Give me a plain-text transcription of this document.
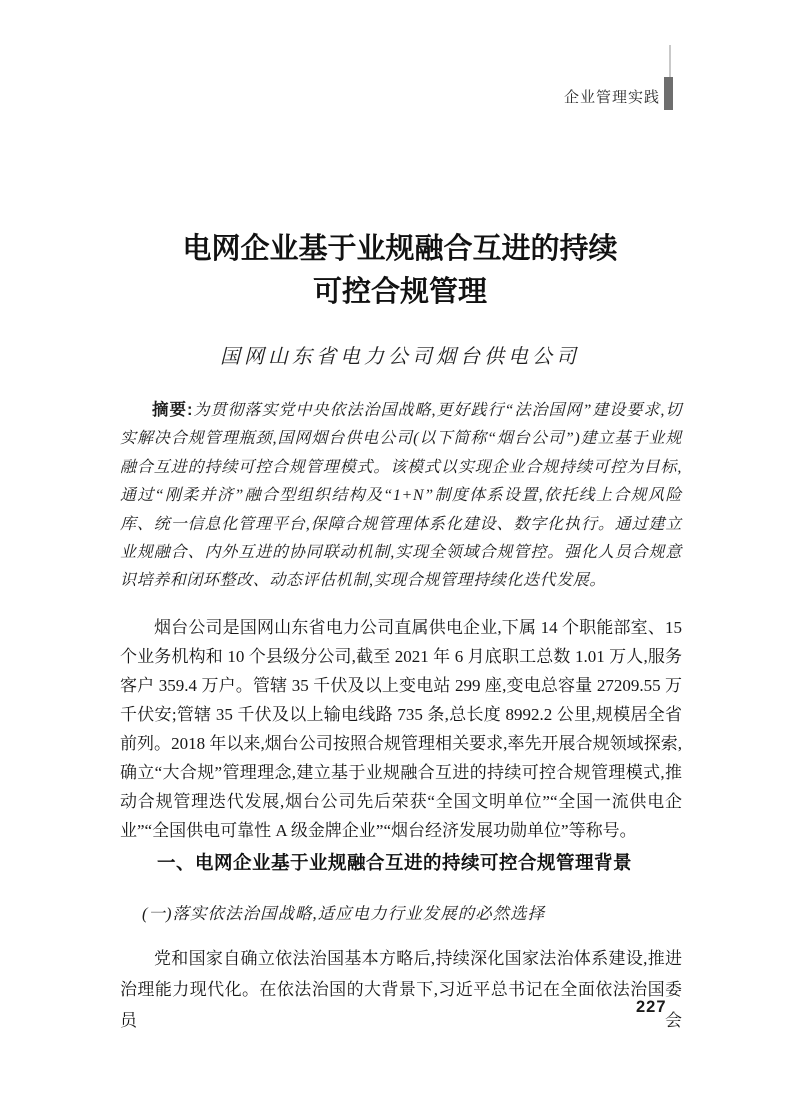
企业管理实践
电网企业基于业规融合互进的持续
可控合规管理
国网山东省电力公司烟台供电公司

摘要:为贯彻落实党中央依法治国战略,更好践行“法治国网”建设要求,切实解决合规管理瓶颈,国网烟台供电公司(以下简称“烟台公司”)建立基于业规融合互进的持续可控合规管理模式。该模式以实现企业合规持续可控为目标,通过“刚柔并济”融合型组织结构及“1+N”制度体系设置,依托线上合规风险库、统一信息化管理平台,保障合规管理体系化建设、数字化执行。通过建立业规融合、内外互进的协同联动机制,实现全领域合规管控。强化人员合规意识培养和闭环整改、动态评估机制,实现合规管理持续化迭代发展。

烟台公司是国网山东省电力公司直属供电企业,下属 14 个职能部室、15 个业务机构和 10 个县级分公司,截至 2021 年 6 月底职工总数 1.01 万人,服务客户 359.4 万户。管辖 35 千伏及以上变电站 299 座,变电总容量 27209.55 万千伏安;管辖 35 千伏及以上输电线路 735 条,总长度 8992.2 公里,规模居全省前列。2018 年以来,烟台公司按照合规管理相关要求,率先开展合规领域探索,确立“大合规”管理理念,建立基于业规融合互进的持续可控合规管理模式,推动合规管理迭代发展,烟台公司先后荣获“全国文明单位”“全国一流供电企业”“全国供电可靠性 A 级金牌企业”“烟台经济发展功勋单位”等称号。

一、电网企业基于业规融合互进的持续可控合规管理背景
(一)落实依法治国战略,适应电力行业发展的必然选择

党和国家自确立依法治国基本方略后,持续深化国家法治体系建设,推进治理能力现代化。在依法治国的大背景下,习近平总书记在全面依法治国委员会

227
